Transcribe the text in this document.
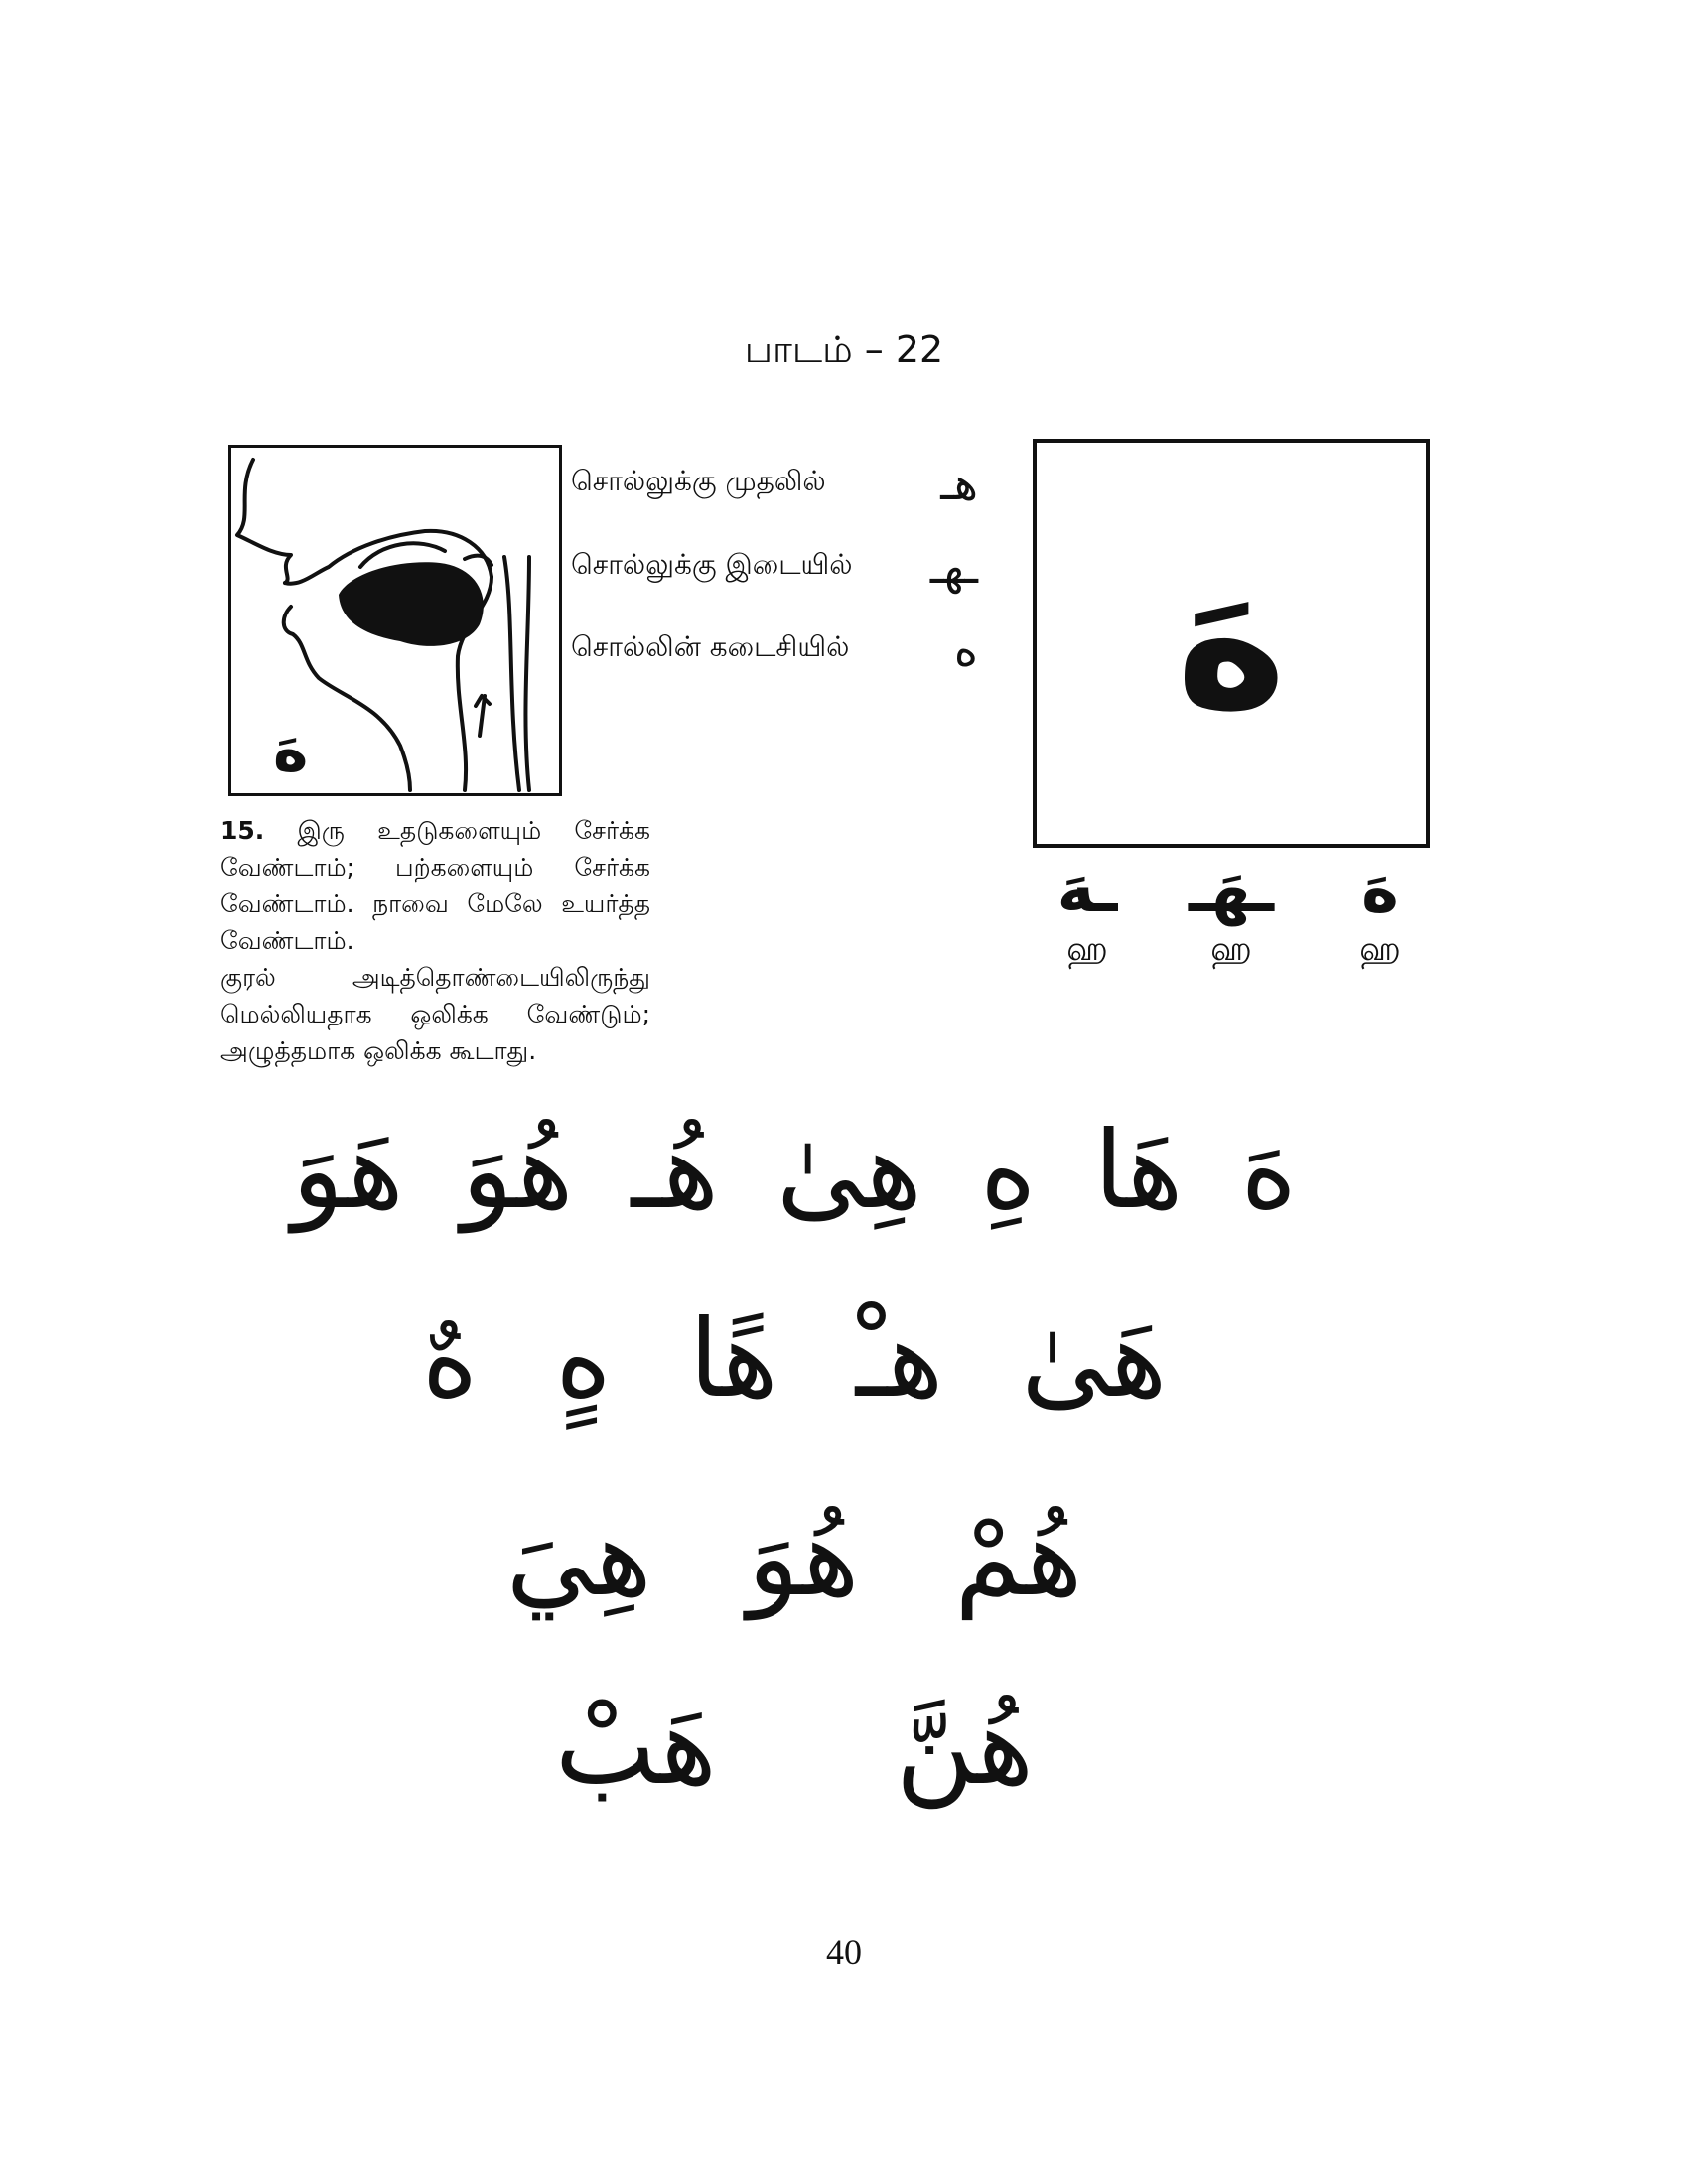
பாடம் – 22
هَ
சொல்லுக்கு முதலில்	هـ
சொல்லுக்கு இடையில் ـهـ
சொல்லின் கடைசியில் ه	هَ
هَ
ஹ
ـهَـ
ஹ
ـهَ
ஹ

15. இரு உதடுகளையும் சேர்க்க வேண்டாம்; பற்களையும் சேர்க்க வேண்டாம். நாவை மேலே உயர்த்த வேண்டாம்.

குரல் அடித்தொண்டையிலிருந்து மெல்லியதாக ஒலிக்க வேண்டும்; அழுத்தமாக ஒலிக்க கூடாது.

هَ
هَا
هِ
هِىٰ
هُـ
هُوَ
هَوَ
هَىٰ
هـْ
هًا
هٍ
هٌ
هُمْ
هُوَ
هِيَ
هُنَّ
هَبْ
40
